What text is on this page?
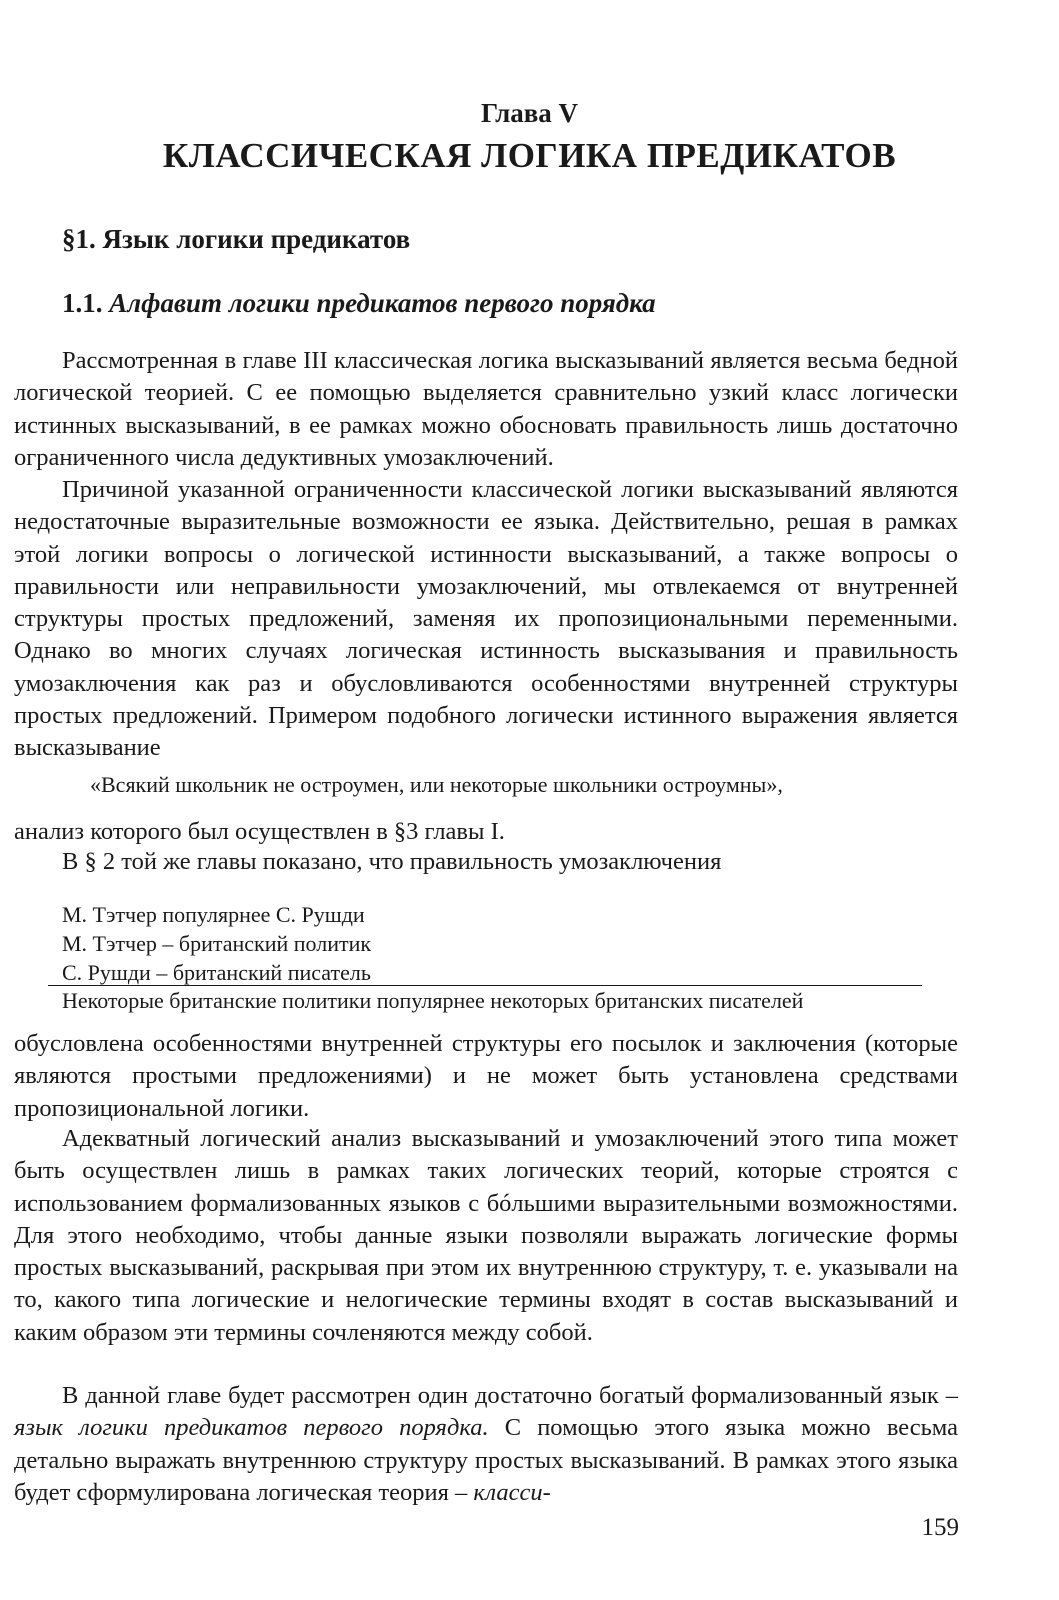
Глава V
КЛАССИЧЕСКАЯ ЛОГИКА ПРЕДИКАТОВ
§1. Язык логики предикатов
1.1. Алфавит логики предикатов первого порядка

Рассмотренная в главе III классическая логика высказываний является весьма бедной логической теорией. С ее помощью выделяется сравнительно узкий класс логически истинных высказываний, в ее рамках можно обосновать правильность лишь достаточно ограниченного числа дедуктивных умозаключений.

Причиной указанной ограниченности классической логики высказываний являются недостаточные выразительные возможности ее языка. Действительно, решая в рамках этой логики вопросы о логической истинности высказываний, а также вопросы о правильности или неправильности умозаключений, мы отвлекаемся от внутренней структуры простых предложений, заменяя их пропозициональными переменными. Однако во многих случаях логическая истинность высказывания и правильность умозаключения как раз и обусловливаются особенностями внутренней структуры простых предложений. Примером подобного логически истинного выражения является высказывание

«Всякий школьник не остроумен, или некоторые школьники остроумны»,

анализ которого был осуществлен в §3 главы I.

В § 2 той же главы показано, что правильность умозаключения

М. Тэтчер популярнее С. Рушди
М. Тэтчер – британский политик
С. Рушди – британский писатель
Некоторые британские политики популярнее некоторых британских писателей

обусловлена особенностями внутренней структуры его посылок и заключения (которые являются простыми предложениями) и не может быть установлена средствами пропозициональной логики.

Адекватный логический анализ высказываний и умозаключений этого типа может быть осуществлен лишь в рамках таких логических теорий, которые строятся с использованием формализованных языков с бóльшими выразительными возможностями. Для этого необходимо, чтобы данные языки позволяли выражать логические формы простых высказываний, раскрывая при этом их внутреннюю структуру, т. е. указывали на то, какого типа логические и нелогические термины входят в состав высказываний и каким образом эти термины сочленяются между собой.

В данной главе будет рассмотрен один достаточно богатый формализованный язык – язык логики предикатов первого порядка. С помощью этого языка можно весьма детально выражать внутреннюю структуру простых высказываний. В рамках этого языка будет сформулирована логическая теория – класси-

159
